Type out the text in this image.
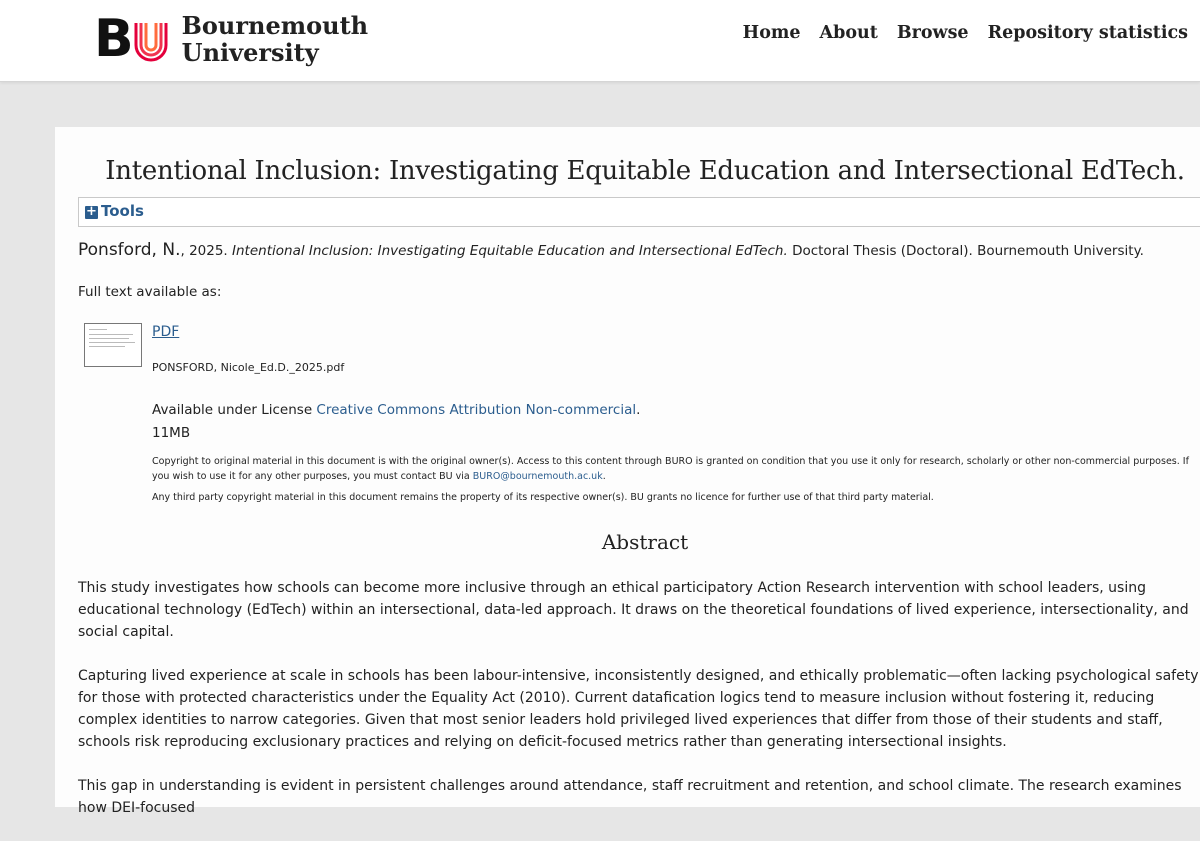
B Bournemouth
University
Home About Browse Repository statistics
Intentional Inclusion: Investigating Equitable Education and Intersectional EdTech.
+ Tools
Ponsford, N., 2025. Intentional Inclusion: Investigating Equitable Education and Intersectional EdTech. Doctoral Thesis (Doctoral). Bournemouth University.
Full text available as:
PDF
PONSFORD, Nicole_Ed.D._2025.pdf
Available under License Creative Commons Attribution Non-commercial.
11MB
Copyright to original material in this document is with the original owner(s). Access to this content through BURO is granted on condition that you use it only for research, scholarly or other non-commercial purposes. If you wish to use it for any other purposes, you must contact BU via BURO@bournemouth.ac.uk.
Any third party copyright material in this document remains the property of its respective owner(s). BU grants no licence for further use of that third party material.
Abstract

This study investigates how schools can become more inclusive through an ethical participatory Action Research intervention with school leaders, using educational technology (EdTech) within an intersectional, data-led approach. It draws on the theoretical foundations of lived experience, intersectionality, and social capital.

Capturing lived experience at scale in schools has been labour-intensive, inconsistently designed, and ethically problematic—often lacking psychological safety for those with protected characteristics under the Equality Act (2010). Current datafication logics tend to measure inclusion without fostering it, reducing complex identities to narrow categories. Given that most senior leaders hold privileged lived experiences that differ from those of their students and staff, schools risk reproducing exclusionary practices and relying on deficit-focused metrics rather than generating intersectional insights.

This gap in understanding is evident in persistent challenges around attendance, staff recruitment and retention, and school climate. The research examines how DEI-focused
